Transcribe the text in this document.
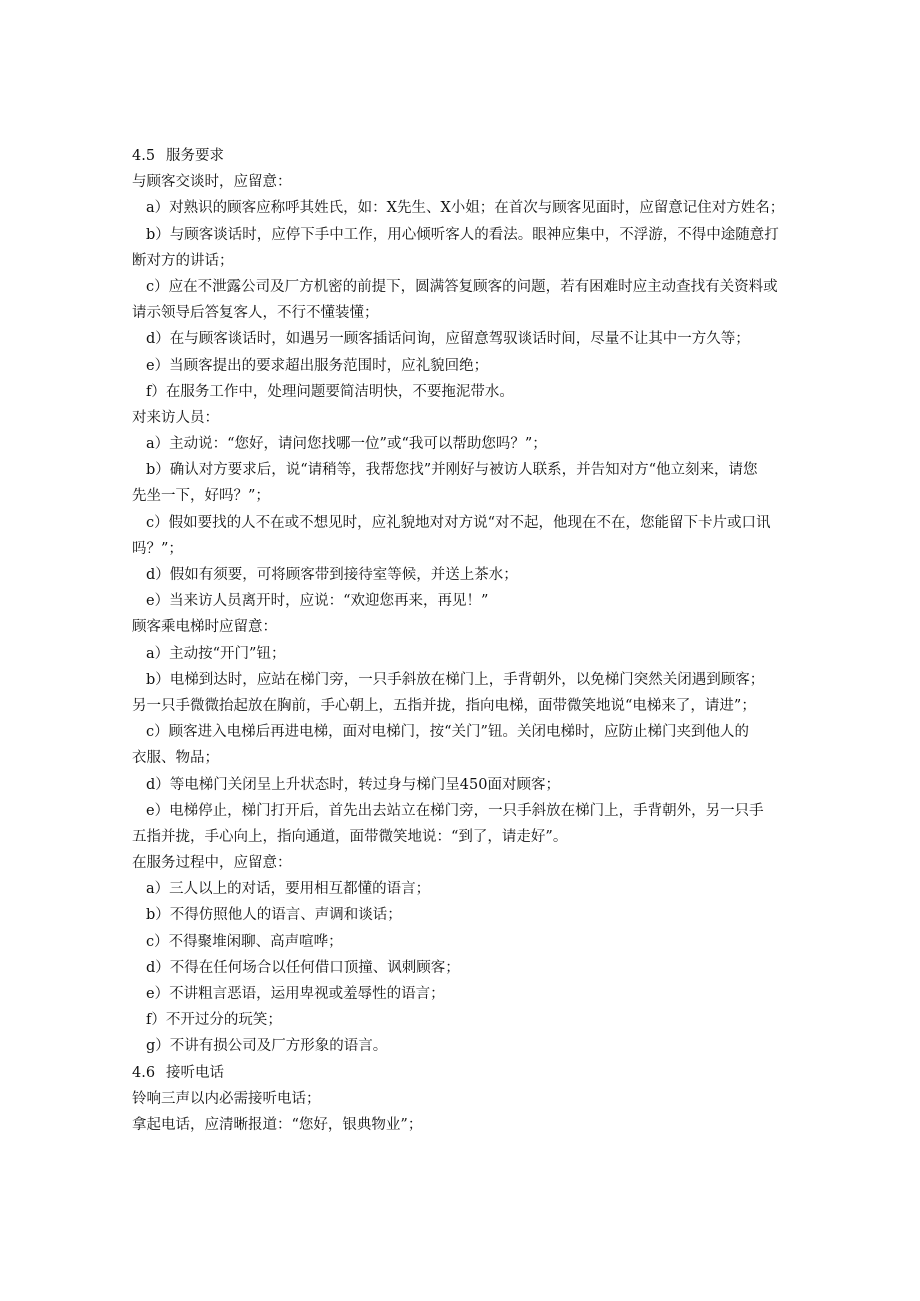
4.5 服务要求
与顾客交谈时，应留意：
a）对熟识的顾客应称呼其姓氏，如：X先生、X小姐；在首次与顾客见面时，应留意记住对方姓名；
b）与顾客谈话时，应停下手中工作，用心倾听客人的看法。眼神应集中，不浮游，不得中途随意打
断对方的讲话；
c）应在不泄露公司及厂方机密的前提下，圆满答复顾客的问题，若有困难时应主动查找有关资料或
请示领导后答复客人，不行不懂装懂；
d）在与顾客谈话时，如遇另一顾客插话问询，应留意驾驭谈话时间，尽量不让其中一方久等；
e）当顾客提出的要求超出服务范围时，应礼貌回绝；
f）在服务工作中，处理问题要简洁明快，不要拖泥带水。
对来访人员：
a）主动说：“您好，请问您找哪一位”或“我可以帮助您吗？”；
b）确认对方要求后，说“请稍等，我帮您找”并刚好与被访人联系，并告知对方“他立刻来，请您
先坐一下，好吗？”；
c）假如要找的人不在或不想见时，应礼貌地对对方说“对不起，他现在不在，您能留下卡片或口讯
吗？”；
d）假如有须要，可将顾客带到接待室等候，并送上茶水；
e）当来访人员离开时，应说：“欢迎您再来，再见！”
顾客乘电梯时应留意：
a）主动按“开门”钮；
b）电梯到达时，应站在梯门旁，一只手斜放在梯门上，手背朝外，以免梯门突然关闭遇到顾客；
另一只手微微抬起放在胸前，手心朝上，五指并拢，指向电梯，面带微笑地说“电梯来了，请进”；
c）顾客进入电梯后再进电梯，面对电梯门，按“关门”钮。关闭电梯时，应防止梯门夹到他人的
衣服、物品；
d）等电梯门关闭呈上升状态时，转过身与梯门呈450面对顾客；
e）电梯停止，梯门打开后，首先出去站立在梯门旁，一只手斜放在梯门上，手背朝外，另一只手
五指并拢，手心向上，指向通道，面带微笑地说：“到了，请走好”。
在服务过程中，应留意：
a）三人以上的对话，要用相互都懂的语言；
b）不得仿照他人的语言、声调和谈话；
c）不得聚堆闲聊、高声喧哗；
d）不得在任何场合以任何借口顶撞、讽刺顾客；
e）不讲粗言恶语，运用卑视或羞辱性的语言；
f）不开过分的玩笑；
g）不讲有损公司及厂方形象的语言。
4.6 接听电话
铃响三声以内必需接听电话；
拿起电话，应清晰报道：“您好，银典物业”；
